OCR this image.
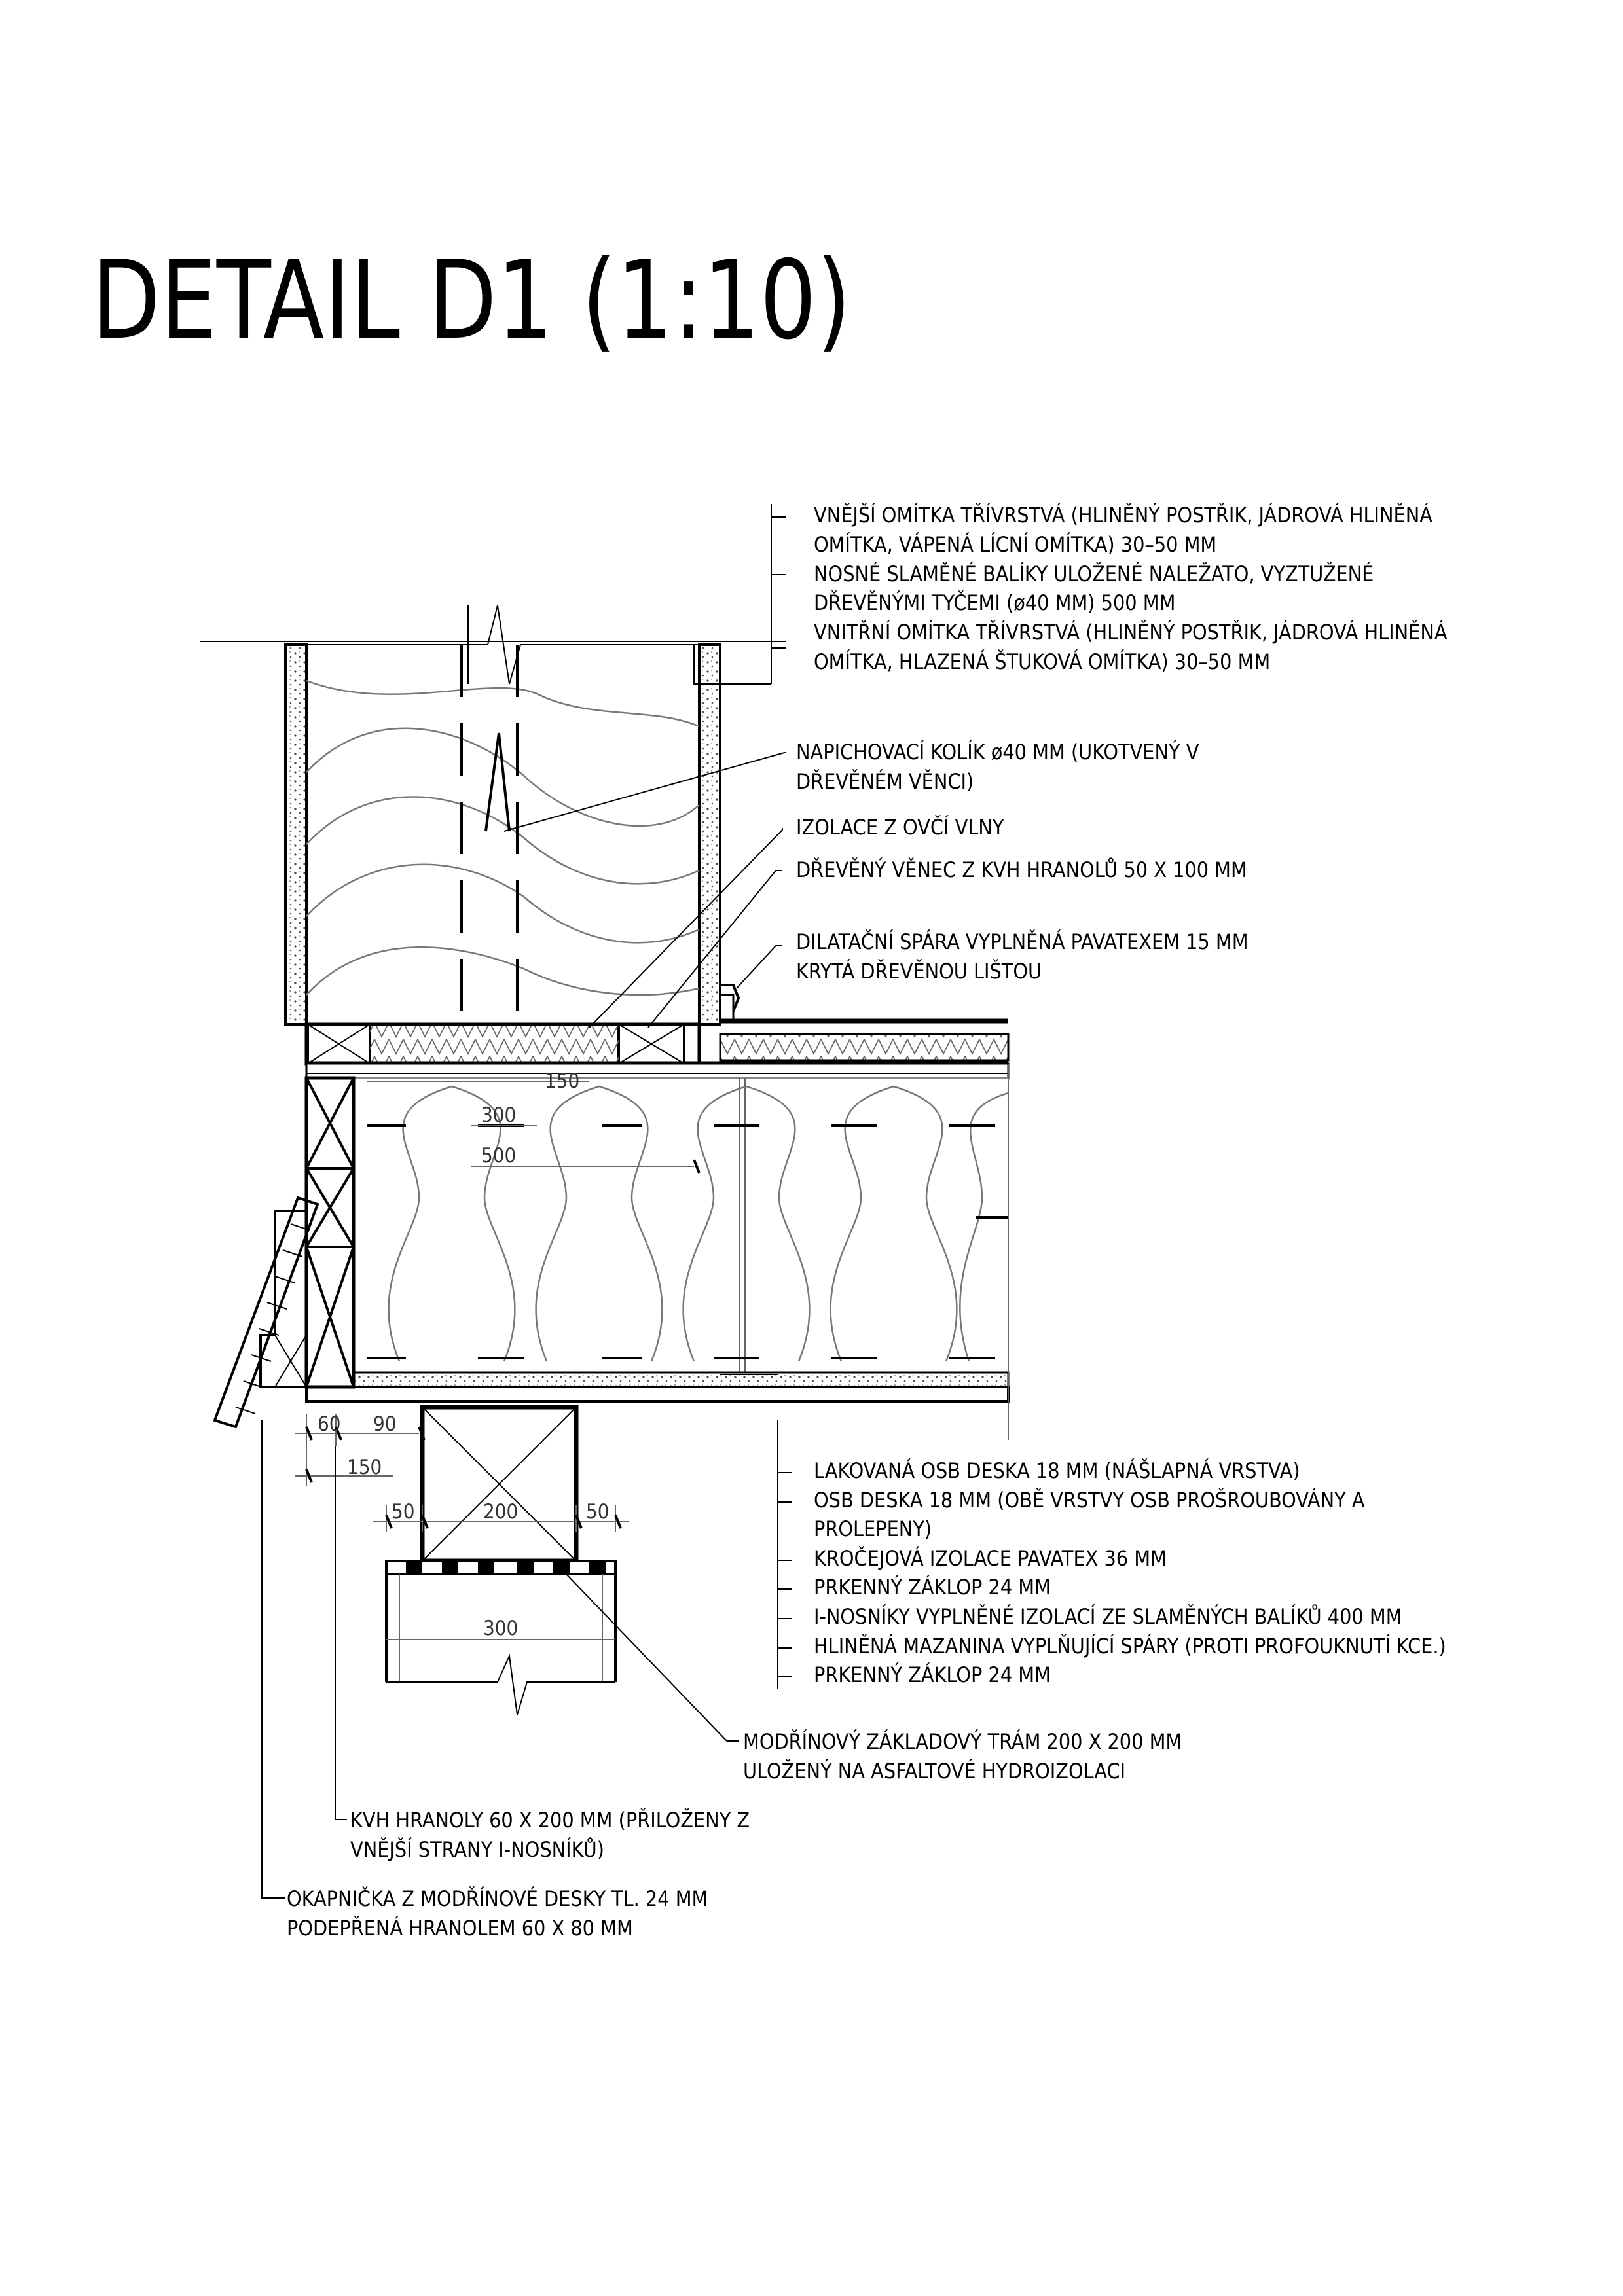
DETAIL D1 (1:10)
150
300
500
60 90
150
50	200	50
300
VNĚJŠÍ OMÍTKA TŘÍVRSTVÁ (HLINĚNÝ POSTŘIK, JÁDROVÁ HLINĚNÁ
OMÍTKA, VÁPENÁ LÍCNÍ OMÍTKA) 30–50 MM
NOSNÉ SLAMĚNÉ BALÍKY ULOŽENÉ NALEŽATO, VYZTUŽENÉ
DŘEVĚNÝMI TYČEMI (ø40 MM) 500 MM
VNITŘNÍ OMÍTKA TŘÍVRSTVÁ (HLINĚNÝ POSTŘIK, JÁDROVÁ HLINĚNÁ
OMÍTKA, HLAZENÁ ŠTUKOVÁ OMÍTKA) 30–50 MM
NAPICHOVACÍ KOLÍK ø40 MM (UKOTVENÝ V
DŘEVĚNÉM VĚNCI)
IZOLACE Z OVČÍ VLNY
DŘEVĚNÝ VĚNEC Z KVH HRANOLŮ 50 X 100 MM
DILATAČNÍ SPÁRA VYPLNĚNÁ PAVATEXEM 15 MM
KRYTÁ DŘEVĚNOU LIŠTOU
LAKOVANÁ OSB DESKA 18 MM (NÁŠLAPNÁ VRSTVA)
OSB DESKA 18 MM (OBĚ VRSTVY OSB PROŠROUBOVÁNY A
PROLEPENY)
KROČEJOVÁ IZOLACE PAVATEX 36 MM
PRKENNÝ ZÁKLOP 24 MM
I-NOSNÍKY VYPLNĚNÉ IZOLACÍ ZE SLAMĚNÝCH BALÍKŮ 400 MM
HLINĚNÁ MAZANINA VYPLŇUJÍCÍ SPÁRY (PROTI PROFOUKNUTÍ KCE.)
PRKENNÝ ZÁKLOP 24 MM
MODŘÍNOVÝ ZÁKLADOVÝ TRÁM 200 X 200 MM
ULOŽENÝ NA ASFALTOVÉ HYDROIZOLACI
KVH HRANOLY 60 X 200 MM (PŘILOŽENY Z
VNĚJŠÍ STRANY I-NOSNÍKŮ)
OKAPNIČKA Z MODŘÍNOVÉ DESKY TL. 24 MM
PODEPŘENÁ HRANOLEM 60 X 80 MM
